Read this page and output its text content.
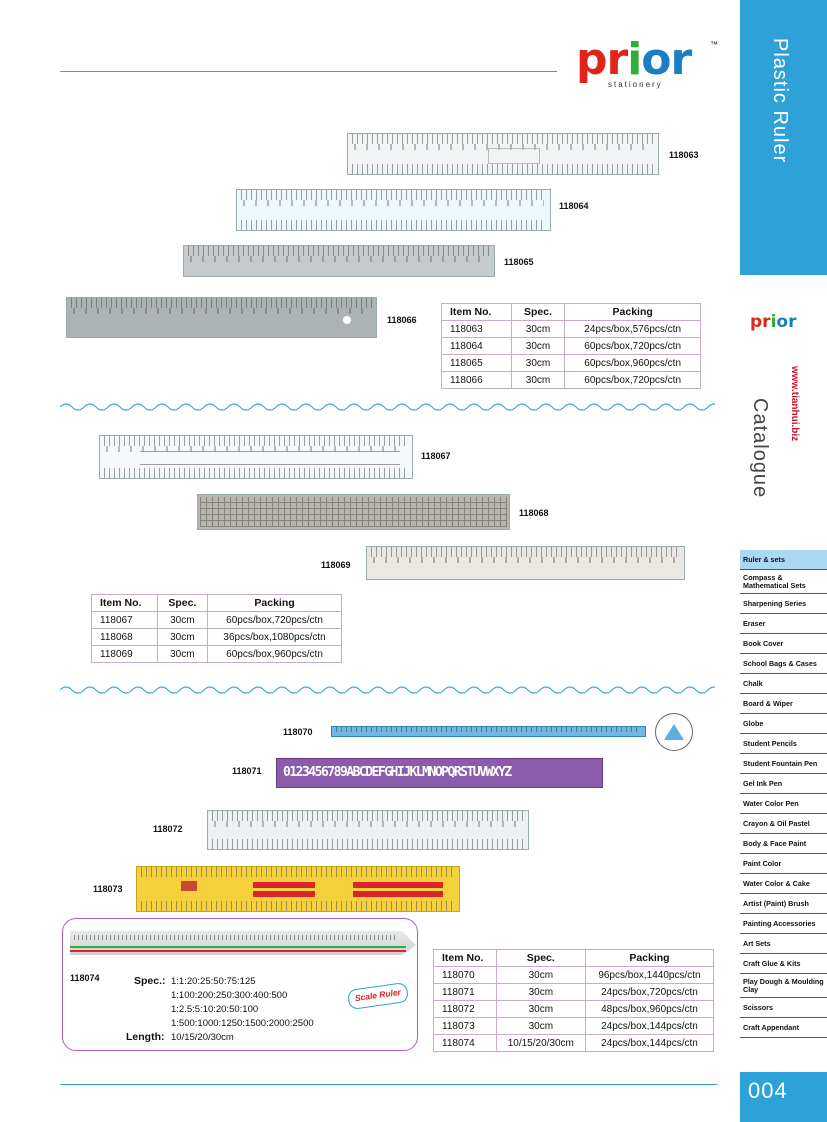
prior	™
stationery
118063
118064
118065
118066
Item No.	Spec.	Packing
118063	30cm	24pcs/box,576pcs/ctn
118064	30cm	60pcs/box,720pcs/ctn
118065	30cm	60pcs/box,960pcs/ctn
118066	30cm	60pcs/box,720pcs/ctn
118067
118068
118069
Item No.	Spec.	Packing
118067	30cm	60pcs/box,720pcs/ctn
118068	30cm	36pcs/box,1080pcs/ctn
118069	30cm	60pcs/box,960pcs/ctn
118070
0123456789ABCDEFGHIJKLMNOPQRSTUVWXYZ
118071
118072
118073
118074	Spec.: 1:1:20:25:50:75:125
1:100:200:250:300:400:500
1:2.5:5:10:20:50:100
1:500:1000:1250:1500:2000:2500
Length: 10/15/20/30cm
Scale Ruler
Item No.	Spec.	Packing
118070	30cm	96pcs/box,1440pcs/ctn
118071	30cm	24pcs/box,720pcs/ctn
118072	30cm	48pcs/box,960pcs/ctn
118073	30cm	24pcs/box,144pcs/ctn
118074	10/15/20/30cm	24pcs/box,144pcs/ctn
Plastic Ruler
prior
www.tianhui.biz
Catalogue
Ruler & sets
Compass & Mathematical Sets
Sharpening Series
Eraser
Book Cover
School Bags & Cases
Chalk
Board & Wiper
Globe
Student Pencils
Student Fountain Pen
Gel Ink Pen
Water Color Pen
Crayon & Oil Pastel
Body & Face Paint
Paint Color
Water Color & Cake
Artist (Paint) Brush
Painting Accessories
Art Sets
Craft Glue & Kits
Play Dough & Moulding Clay
Scissors
Craft Appendant
004
